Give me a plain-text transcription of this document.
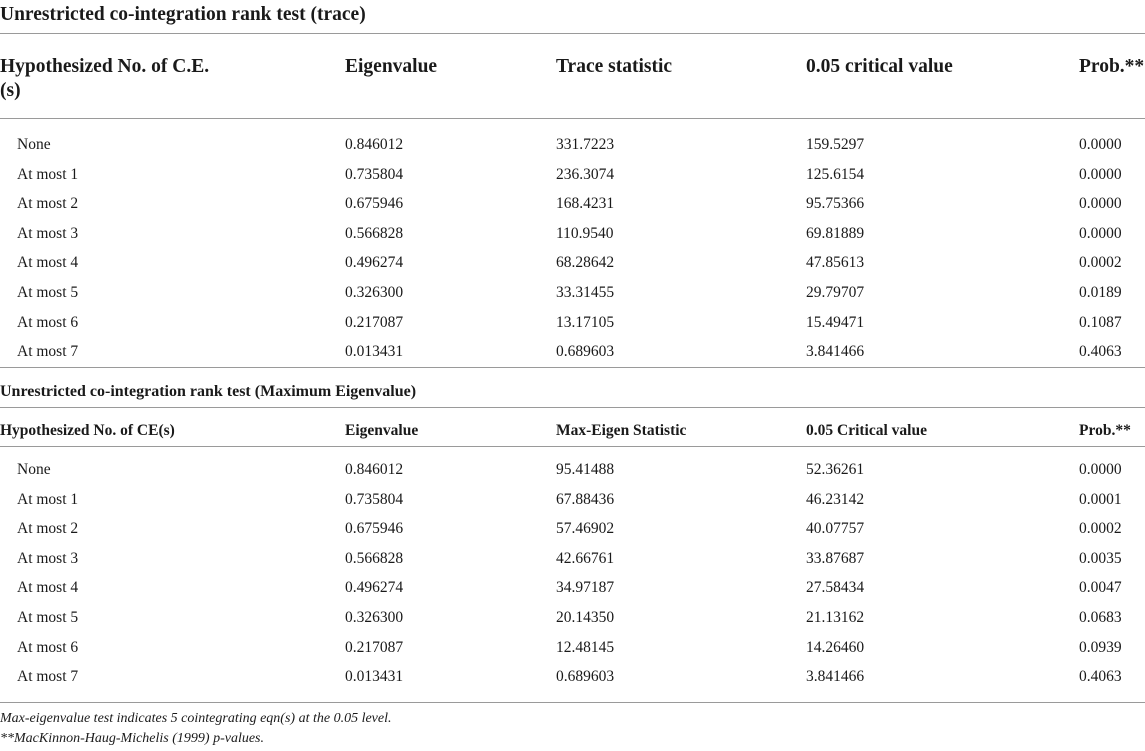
Unrestricted co-integration rank test (trace)
Hypothesized No. of C.E.
(s)
Eigenvalue	Trace statistic	0.05 critical value	Prob.**
None	0.846012	331.7223	159.5297	0.0000
At most 1	0.735804	236.3074	125.6154	0.0000
At most 2	0.675946	168.4231	95.75366	0.0000
At most 3	0.566828	110.9540	69.81889	0.0000
At most 4	0.496274	68.28642	47.85613	0.0002
At most 5	0.326300	33.31455	29.79707	0.0189
At most 6	0.217087	13.17105	15.49471	0.1087
At most 7	0.013431	0.689603	3.841466	0.4063
Unrestricted co-integration rank test (Maximum Eigenvalue)
Hypothesized No. of CE(s)	Eigenvalue	Max-Eigen Statistic	0.05 Critical value	Prob.**
None	0.846012	95.41488	52.36261	0.0000
At most 1	0.735804	67.88436	46.23142	0.0001
At most 2	0.675946	57.46902	40.07757	0.0002
At most 3	0.566828	42.66761	33.87687	0.0035
At most 4	0.496274	34.97187	27.58434	0.0047
At most 5	0.326300	20.14350	21.13162	0.0683
At most 6	0.217087	12.48145	14.26460	0.0939
At most 7	0.013431	0.689603	3.841466	0.4063
Max-eigenvalue test indicates 5 cointegrating eqn(s) at the 0.05 level.
**MacKinnon-Haug-Michelis (1999) p-values.
